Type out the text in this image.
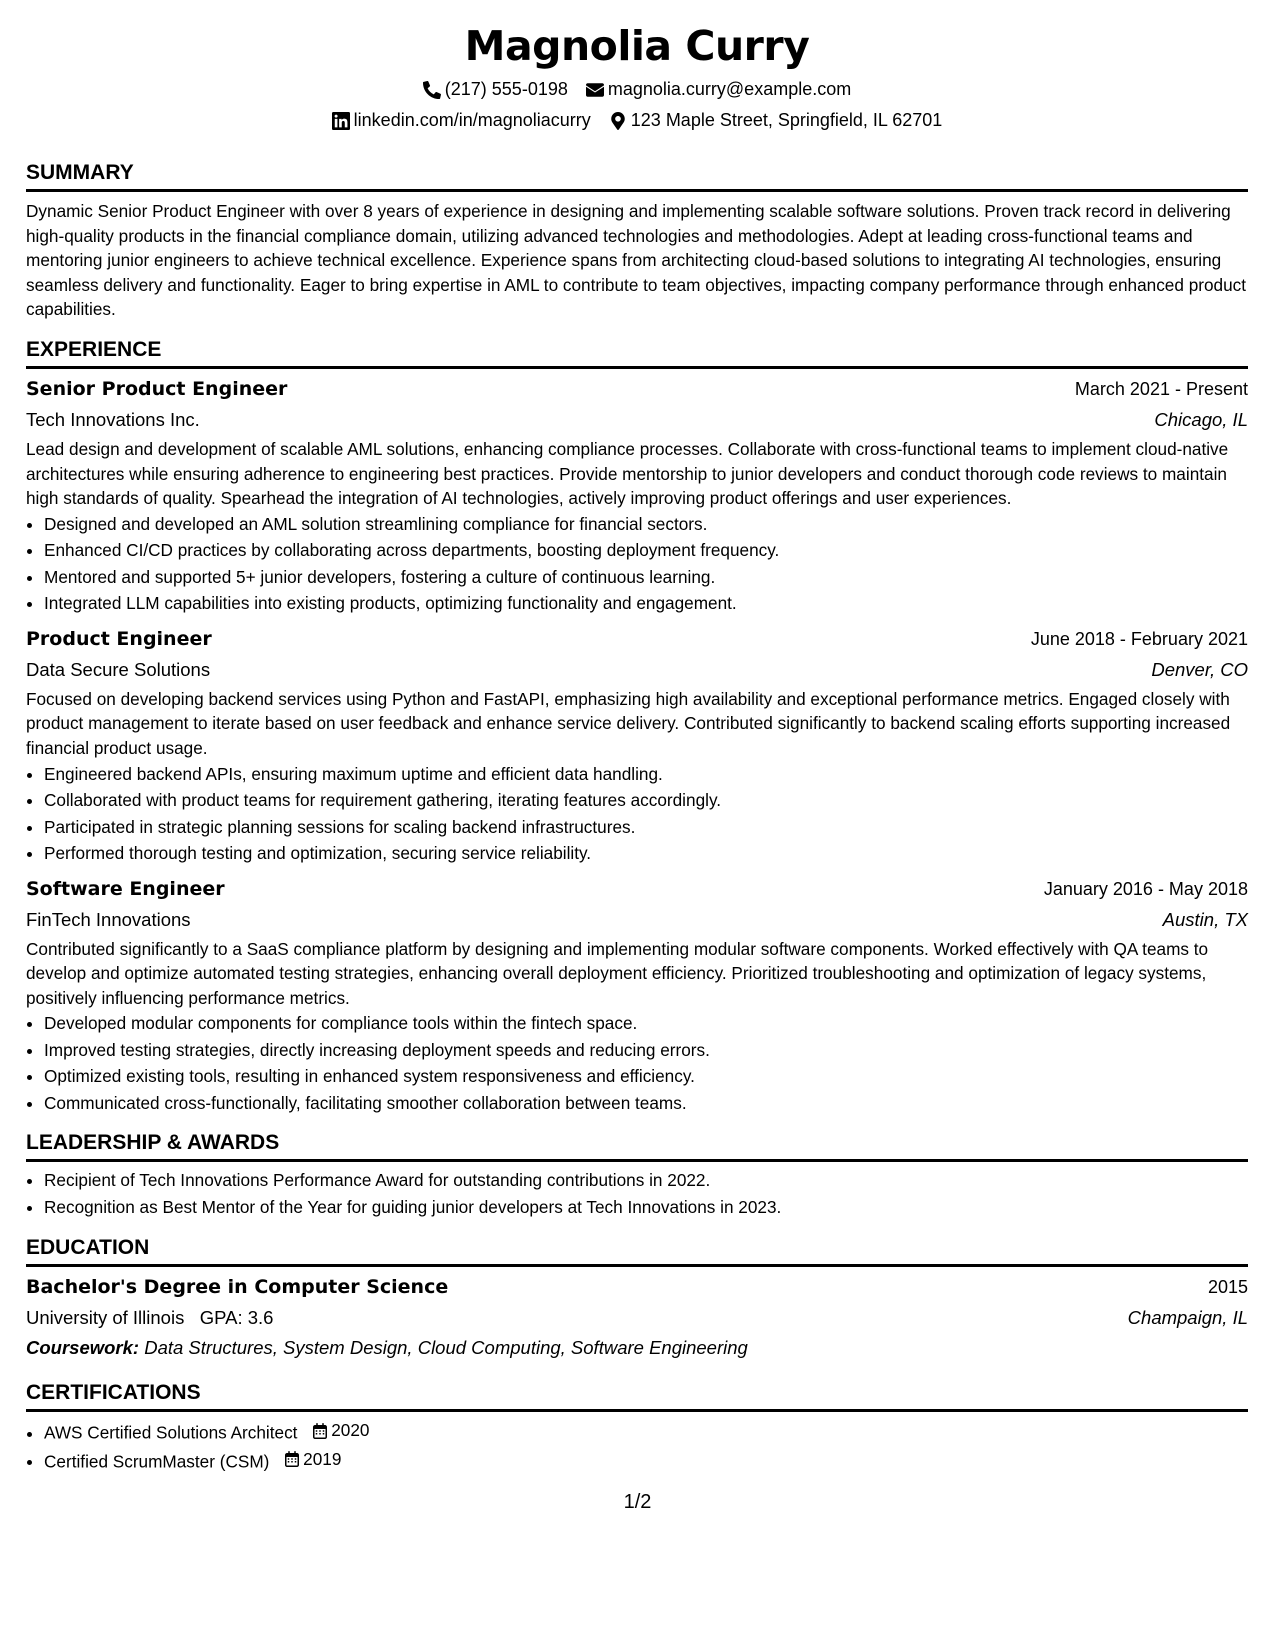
Magnolia Curry
(217) 555-0198 magnolia.curry@example.com
linkedin.com/in/magnoliacurry 123 Maple Street, Springfield, IL 62701
SUMMARY

Dynamic Senior Product Engineer with over 8 years of experience in designing and implementing scalable software solutions. Proven track record in delivering high-quality products in the financial compliance domain, utilizing advanced technologies and methodologies. Adept at leading cross-functional teams and mentoring junior engineers to achieve technical excellence. Experience spans from architecting cloud-based solutions to integrating AI technologies, ensuring seamless delivery and functionality. Eager to bring expertise in AML to contribute to team objectives, impacting company performance through enhanced product capabilities.

EXPERIENCE
Senior Product Engineer	March 2021 - Present
Tech Innovations Inc.	Chicago, IL

Lead design and development of scalable AML solutions, enhancing compliance processes. Collaborate with cross-functional teams to implement cloud-native architectures while ensuring adherence to engineering best practices. Provide mentorship to junior developers and conduct thorough code reviews to maintain high standards of quality. Spearhead the integration of AI technologies, actively improving product offerings and user experiences.

• Designed and developed an AML solution streamlining compliance for financial sectors.
• Enhanced CI/CD practices by collaborating across departments, boosting deployment frequency.
• Mentored and supported 5+ junior developers, fostering a culture of continuous learning.
• Integrated LLM capabilities into existing products, optimizing functionality and engagement.
Product Engineer	June 2018 - February 2021
Data Secure Solutions	Denver, CO

Focused on developing backend services using Python and FastAPI, emphasizing high availability and exceptional performance metrics. Engaged closely with product management to iterate based on user feedback and enhance service delivery. Contributed significantly to backend scaling efforts supporting increased financial product usage.

• Engineered backend APIs, ensuring maximum uptime and efficient data handling.
• Collaborated with product teams for requirement gathering, iterating features accordingly.
• Participated in strategic planning sessions for scaling backend infrastructures.
• Performed thorough testing and optimization, securing service reliability.
Software Engineer	January 2016 - May 2018
FinTech Innovations	Austin, TX

Contributed significantly to a SaaS compliance platform by designing and implementing modular software components. Worked effectively with QA teams to develop and optimize automated testing strategies, enhancing overall deployment efficiency. Prioritized troubleshooting and optimization of legacy systems, positively influencing performance metrics.

• Developed modular components for compliance tools within the fintech space.
• Improved testing strategies, directly increasing deployment speeds and reducing errors.
• Optimized existing tools, resulting in enhanced system responsiveness and efficiency.
• Communicated cross-functionally, facilitating smoother collaboration between teams.
LEADERSHIP & AWARDS
• Recipient of Tech Innovations Performance Award for outstanding contributions in 2022.
• Recognition as Best Mentor of the Year for guiding junior developers at Tech Innovations in 2023.
EDUCATION
Bachelor's Degree in Computer Science	2015
University of Illinois GPA: 3.6	Champaign, IL
Coursework: Data Structures, System Design, Cloud Computing, Software Engineering
CERTIFICATIONS
• AWS Certified Solutions Architect 2020
• Certified ScrumMaster (CSM) 2019
1/2
